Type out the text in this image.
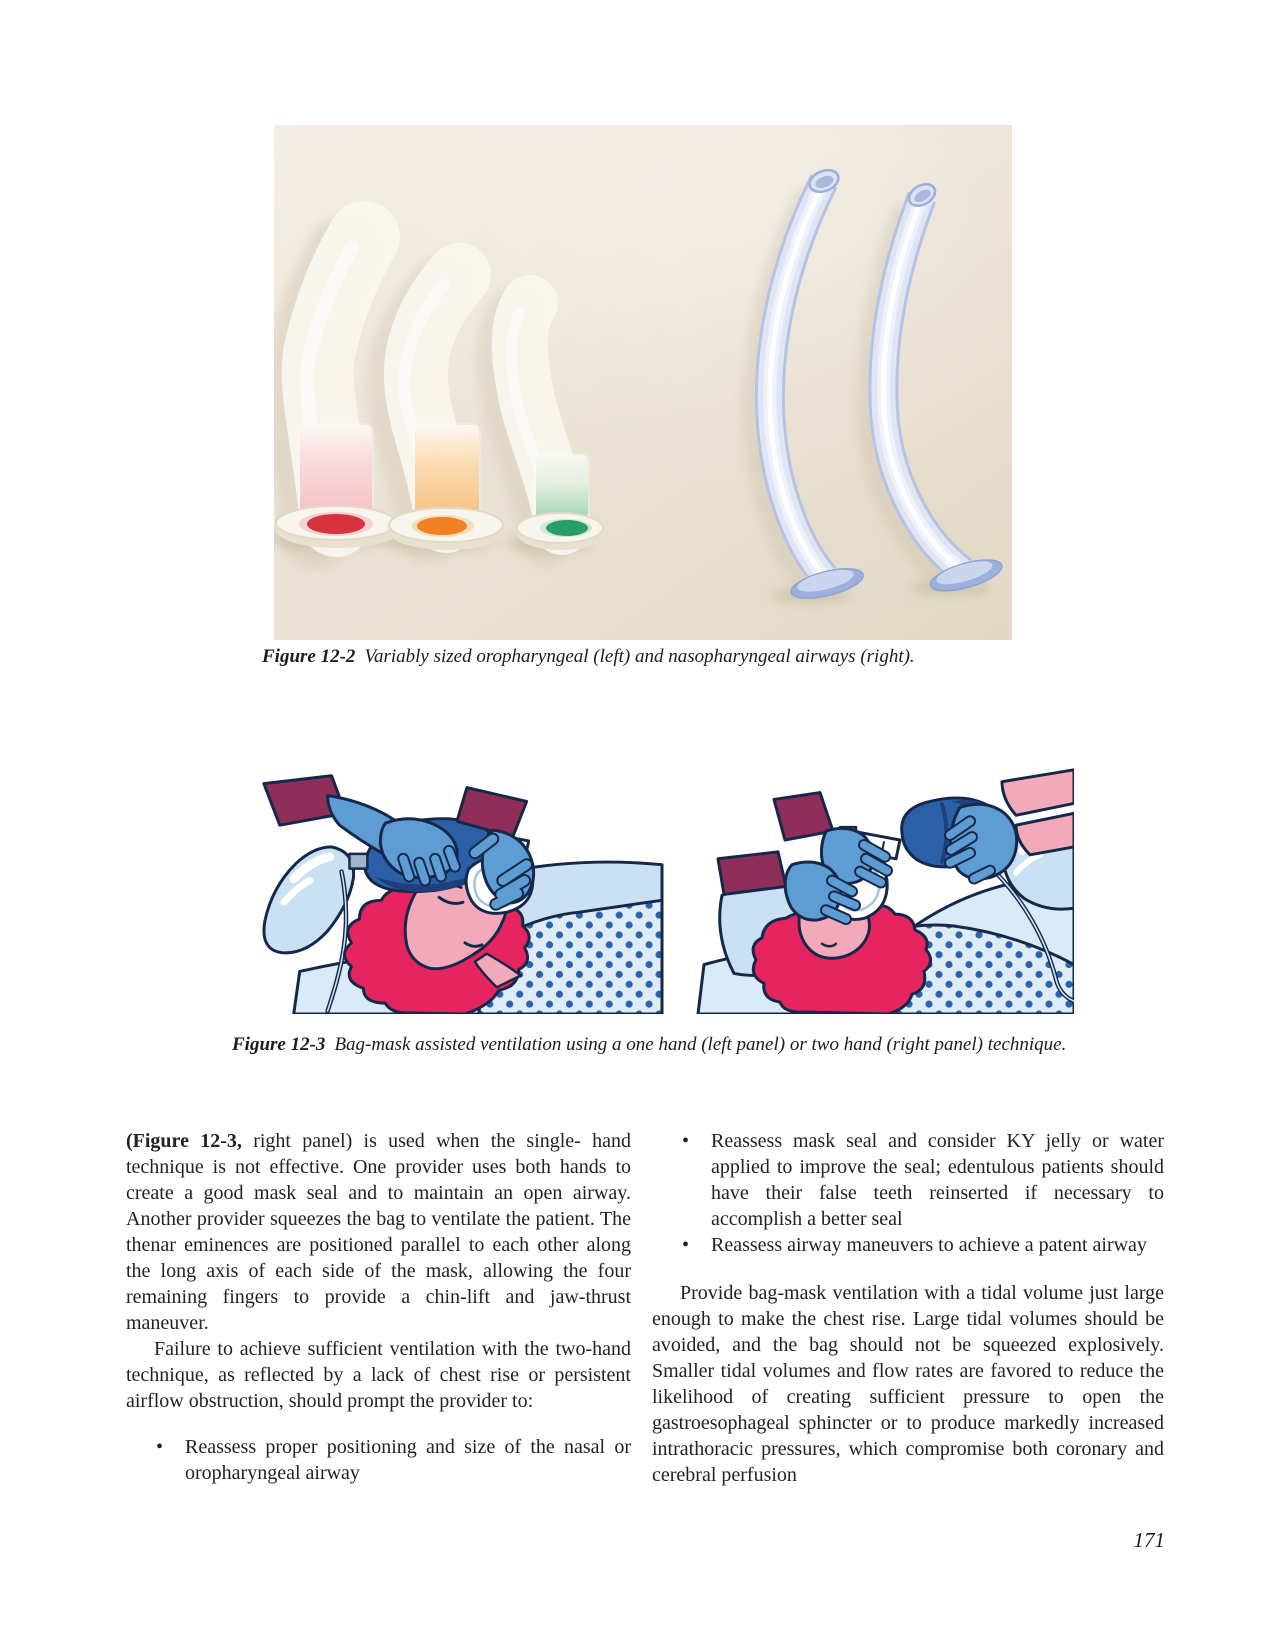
Figure 12-2 Variably sized oropharyngeal (left) and nasopharyngeal airways (right).
Figure 12-3 Bag-mask assisted ventilation using a one hand (left panel) or two hand (right panel) technique.

(Figure 12-3, right panel) is used when the single- hand technique is not effective. One provider uses both hands to create a good mask seal and to maintain an open airway. Another provider squeezes the bag to ventilate the patient. The thenar eminences are positioned parallel to each other along the long axis of each side of the mask, allowing the four remaining fingers to provide a chin-lift and jaw-thrust maneuver.

Failure to achieve sufficient ventilation with the two-hand technique, as reflected by a lack of chest rise or persistent airflow obstruction, should prompt the provider to:

• Reassess proper positioning and size of the nasal or oropharyngeal airway
• Reassess mask seal and consider KY jelly or water applied to improve the seal; edentulous patients should have their false teeth reinserted if necessary to accomplish a better seal
• Reassess airway maneuvers to achieve a patent airway

Provide bag-mask ventilation with a tidal volume just large enough to make the chest rise. Large tidal volumes should be avoided, and the bag should not be squeezed explosively. Smaller tidal volumes and flow rates are favored to reduce the likelihood of creating sufficient pressure to open the gastroesophageal sphincter or to produce markedly increased intrathoracic pressures, which compromise both coronary and cerebral perfusion

171
